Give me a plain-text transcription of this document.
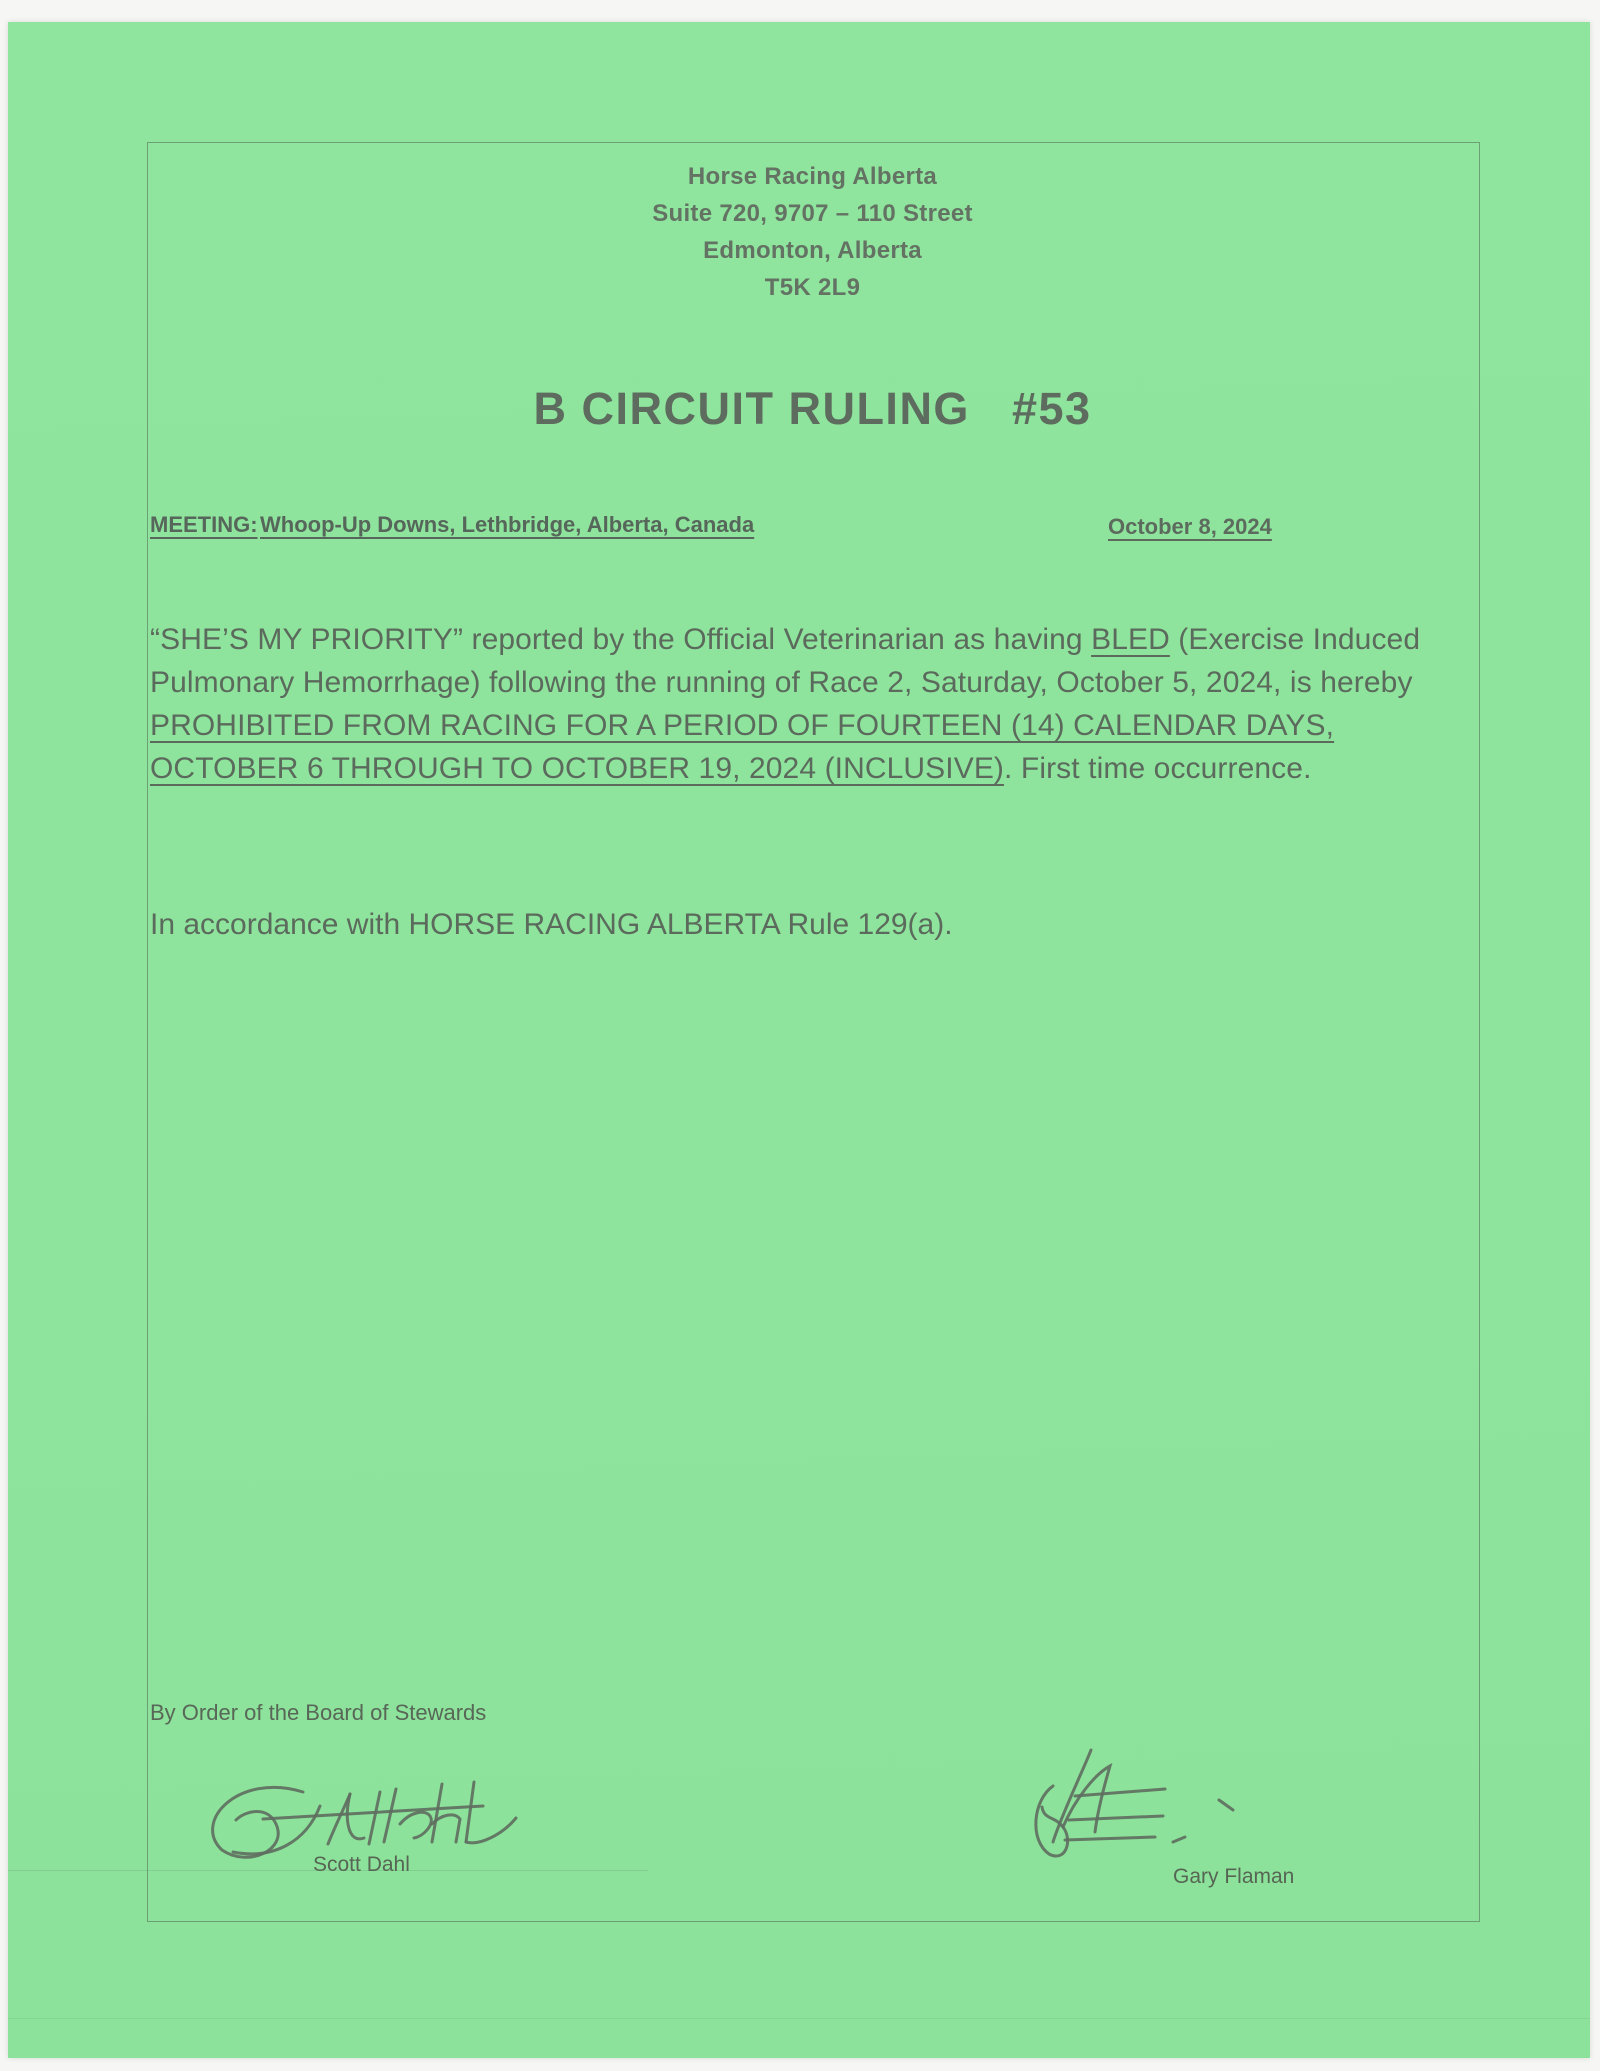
Horse Racing Alberta
Suite 720, 9707 – 110 Street
Edmonton, Alberta
T5K 2L9
B CIRCUIT RULING   #53
MEETING: Whoop-Up Downs, Lethbridge, Alberta, Canada	October 8, 2024
“SHE’S MY PRIORITY” reported by the Official Veterinarian as having BLED (Exercise Induced Pulmonary Hemorrhage) following the running of Race 2, Saturday, October 5, 2024, is hereby PROHIBITED FROM RACING FOR A PERIOD OF FOURTEEN (14) CALENDAR DAYS, OCTOBER 6 THROUGH TO OCTOBER 19, 2024 (INCLUSIVE). First time occurrence.
In accordance with HORSE RACING ALBERTA Rule 129(a).
By Order of the Board of Stewards
Scott Dahl
Gary Flaman
